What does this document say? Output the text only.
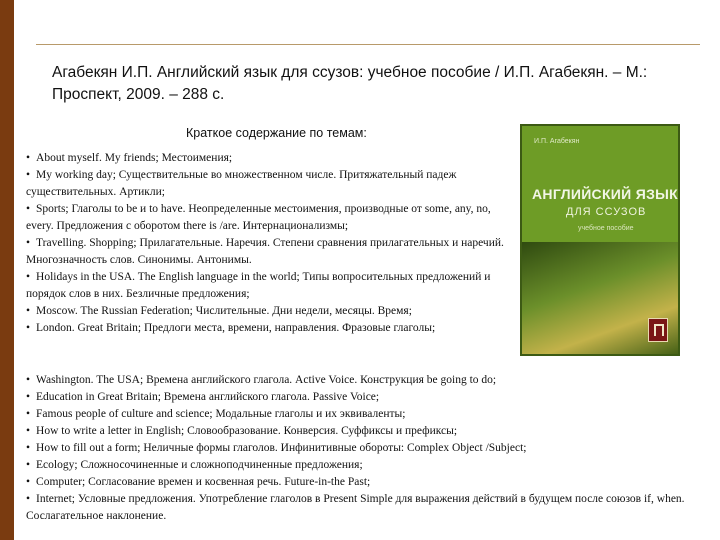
Агабекян И.П. Английский язык для ссузов: учебное пособие / И.П. Агабекян. – М.:
Проспект, 2009. – 288 с.
Краткое содержание по темам:
• About myself. My friends; Местоимения;
• My working day; Существительные во множественном числе. Притяжательный падеж существительных. Артикли;
• Sports; Глаголы to be и to have. Неопределенные местоимения, производные от some, any, no, every. Предложения с оборотом there is /are. Интернационализмы;
• Travelling. Shopping; Прилагательные. Наречия. Степени сравнения прилагательных и наречий. Многозначность слов. Синонимы. Антонимы.
• Holidays in the USA. The English language in the world; Типы вопросительных предложений и порядок слов в них. Безличные предложения;
• Moscow. The Russian Federation; Числительные. Дни недели, месяцы. Время;
• London. Great Britain; Предлоги места, времени, направления. Фразовые глаголы;
И.П. Агабекян
АНГЛИЙСКИЙ ЯЗЫК
ДЛЯ ССУЗОВ
учебное пособие
• Washington. The USA; Времена английского глагола. Active Voice. Конструкция be going to do;
• Education in Great Britain; Времена английского глагола. Passive Voice;
• Famous people of culture and science; Модальные глаголы и их эквиваленты;
• How to write a letter in English; Словообразование. Конверсия. Суффиксы и префиксы;
• How to fill out a form; Неличные формы глаголов. Инфинитивные обороты: Complex Object /Subject;
• Ecology; Сложносочиненные и сложноподчиненные предложения;
• Computer; Согласование времен и косвенная речь. Future-in-the Past;
• Internet; Условные предложения. Употребление глаголов в Present Simple для выражения действий в будущем после союзов if, when. Сослагательное наклонение.
